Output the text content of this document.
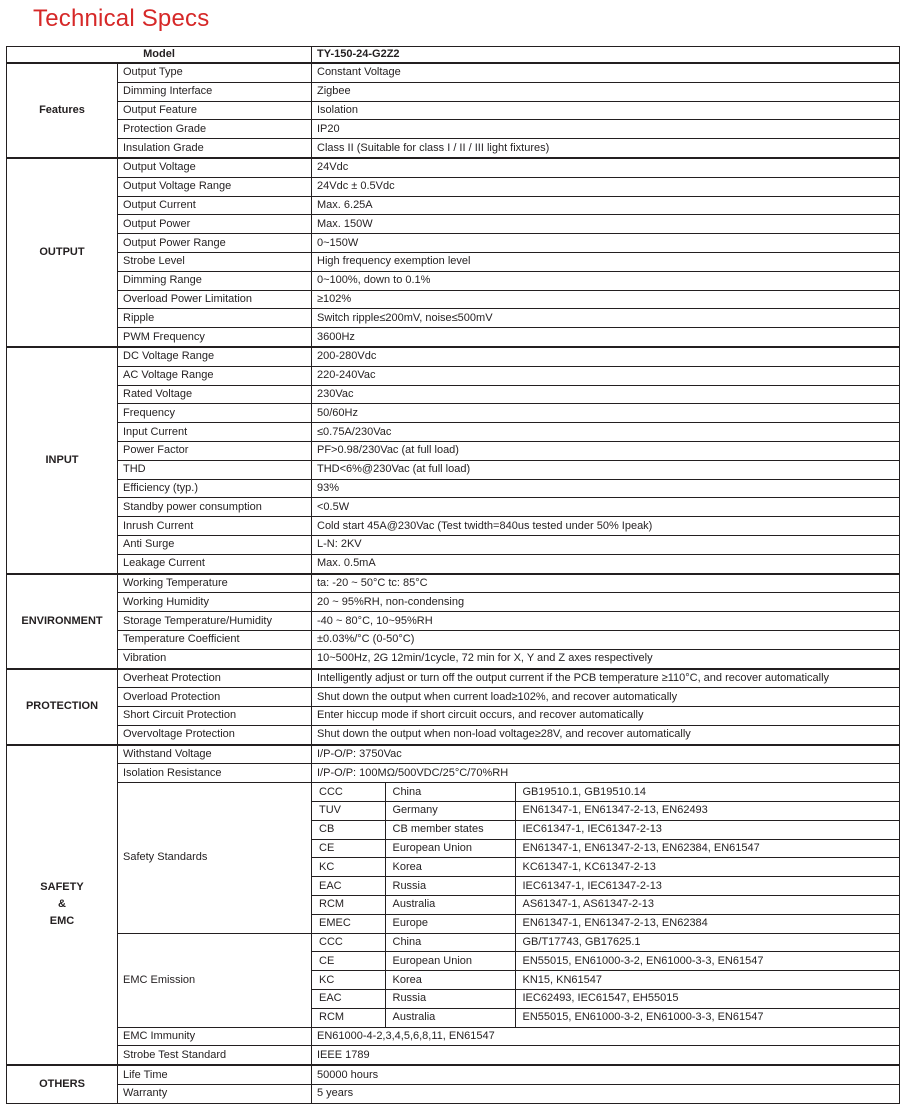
Technical Specs
Model	TY-150-24-G2Z2
Features	Output Type	Constant Voltage
Dimming Interface	Zigbee
Output Feature	Isolation
Protection Grade	IP20
Insulation Grade	Class II (Suitable for class I / II / III light fixtures)
OUTPUT	Output Voltage	24Vdc
Output Voltage Range	24Vdc ± 0.5Vdc
Output Current	Max. 6.25A
Output Power	Max. 150W
Output Power Range	0~150W
Strobe Level	High frequency exemption level
Dimming Range	0~100%, down to 0.1%
Overload Power Limitation	≥102%
Ripple	Switch ripple≤200mV, noise≤500mV
PWM Frequency	3600Hz
INPUT	DC Voltage Range	200-280Vdc
AC Voltage Range	220-240Vac
Rated Voltage	230Vac
Frequency	50/60Hz
Input Current	≤0.75A/230Vac
Power Factor	PF>0.98/230Vac (at full load)
THD	THD<6%@230Vac (at full load)
Efficiency (typ.)	93%
Standby power consumption	<0.5W
Inrush Current	Cold start 45A@230Vac (Test twidth=840us tested under 50% Ipeak)
Anti Surge	L-N: 2KV
Leakage Current	Max. 0.5mA
ENVIRONMENT	Working Temperature	ta: -20 ~ 50°C tc: 85°C
Working Humidity	20 ~ 95%RH, non-condensing
Storage Temperature/Humidity	-40 ~ 80°C, 10~95%RH
Temperature Coefficient	±0.03%/°C (0-50°C)
Vibration	10~500Hz, 2G 12min/1cycle, 72 min for X, Y and Z axes respectively
PROTECTION	Overheat Protection	Intelligently adjust or turn off the output current if the PCB temperature ≥110°C, and recover automatically
Overload Protection	Shut down the output when current load≥102%, and recover automatically
Short Circuit Protection	Enter hiccup mode if short circuit occurs, and recover automatically
Overvoltage Protection	Shut down the output when non-load voltage≥28V, and recover automatically

SAFETY
&
EMC
	Withstand Voltage	I/P-O/P: 3750Vac
Isolation Resistance	I/P-O/P: 100MΩ/500VDC/25°C/70%RH
Safety Standards	
CCC	China	GB19510.1, GB19510.14
TUV	Germany	EN61347-1, EN61347-2-13, EN62493
CB	CB member states	IEC61347-1, IEC61347-2-13
CE	European Union	EN61347-1, EN61347-2-13, EN62384, EN61547
KC	Korea	KC61347-1, KC61347-2-13
EAC	Russia	IEC61347-1, IEC61347-2-13
RCM	Australia	AS61347-1, AS61347-2-13
EMEC	Europe	EN61347-1, EN61347-2-13, EN62384

EMC Emission	
CCC	China	GB/T17743, GB17625.1
CE	European Union	EN55015, EN61000-3-2, EN61000-3-3, EN61547
KC	Korea	KN15, KN61547
EAC	Russia	IEC62493, IEC61547, EH55015
RCM	Australia	EN55015, EN61000-3-2, EN61000-3-3, EN61547

EMC Immunity	EN61000-4-2,3,4,5,6,8,11, EN61547
Strobe Test Standard	IEEE 1789
OTHERS	Life Time	50000 hours
Warranty	5 years
